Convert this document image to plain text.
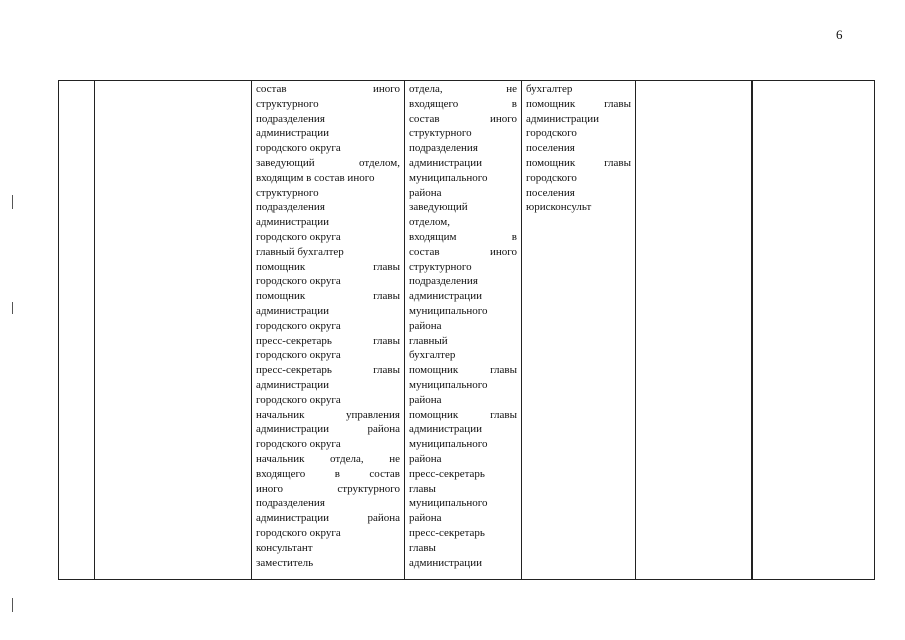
6

состав иного
структурного
подразделения
администрации
городского округа
заведующий отделом,
входящим в состав иного
структурного
подразделения
администрации
городского округа
главный бухгалтер
помощник главы
городского округа
помощник главы
администрации
городского округа
пресс-секретарь главы
городского округа
пресс-секретарь главы
администрации
городского округа
начальник управления
администрации района
городского округа
начальник отдела, не
входящего в состав
иного структурного
подразделения
администрации района
городского округа
консультант
заместитель

отдела, не
входящего в
состав иного
структурного
подразделения
администрации
муниципального
района
заведующий
отделом,
входящим в
состав иного
структурного
подразделения
администрации
муниципального
района
главный
бухгалтер
помощник главы
муниципального
района
помощник главы
администрации
муниципального
района
пресс-секретарь
главы
муниципального
района
пресс-секретарь
главы
администрации

бухгалтер
помощник главы
администрации
городского
поселения
помощник главы
городского
поселения
юрисконсульт
